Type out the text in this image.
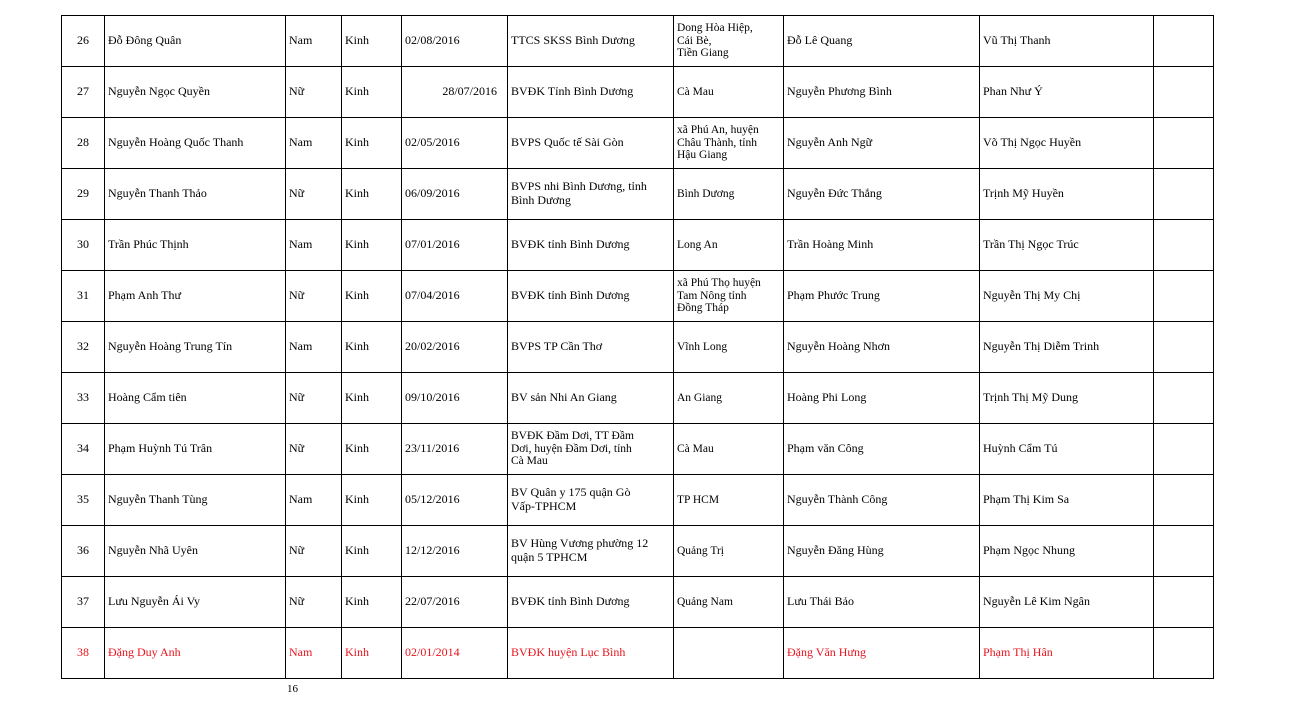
26	Đỗ Đông Quân	Nam	Kinh	02/08/2016	TTCS SKSS Bình Dương	Dong Hòa Hiệp,
Cái Bè,
Tiền Giang	Đỗ Lê Quang	Vũ Thị Thanh	
27	Nguyễn Ngọc Quyền	Nữ	Kinh	28/07/2016	BVĐK Tỉnh Bình Dương	Cà Mau	Nguyễn Phương Bình	Phan Như Ý	
28	Nguyễn Hoàng Quốc Thanh	Nam	Kinh	02/05/2016	BVPS Quốc tế Sài Gòn	xã Phú An, huyện
Châu Thành, tỉnh
Hậu Giang	Nguyễn Anh Ngữ	Võ Thị Ngọc Huyền	
29	Nguyễn Thanh Thảo	Nữ	Kinh	06/09/2016	BVPS nhi Bình Dương, tỉnh
Bình Dương	Bình Dương	Nguyễn Đức Thắng	Trịnh Mỹ Huyền	
30	Trần Phúc Thịnh	Nam	Kinh	07/01/2016	BVĐK tỉnh Bình Dương	Long An	Trần Hoàng Minh	Trần Thị Ngọc Trúc	
31	Phạm Anh Thư	Nữ	Kinh	07/04/2016	BVĐK tỉnh Bình Dương	xã Phú Thọ huyện
Tam Nông tỉnh
Đồng Tháp	Phạm Phước Trung	Nguyễn Thị My Chị	
32	Nguyễn Hoàng Trung Tín	Nam	Kinh	20/02/2016	BVPS TP Cần Thơ	Vĩnh Long	Nguyễn Hoàng Nhơn	Nguyễn Thị Diễm Trinh	
33	Hoàng Cẩm tiên	Nữ	Kinh	09/10/2016	BV sản Nhi An Giang	An Giang	Hoàng Phi Long	Trịnh Thị Mỹ Dung	
34	Phạm Huỳnh Tú Trân	Nữ	Kinh	23/11/2016	BVĐK Đầm Dơi, TT Đầm
Dơi, huyện Đầm Dơi, tỉnh
Cà Mau	Cà Mau	Phạm văn Công	Huỳnh Cẩm Tú	
35	Nguyễn Thanh Tùng	Nam	Kinh	05/12/2016	BV Quân y 175 quận Gò
Vấp-TPHCM	TP HCM	Nguyễn Thành Công	Phạm Thị Kim Sa	
36	Nguyễn Nhã Uyên	Nữ	Kinh	12/12/2016	BV Hùng Vương phường 12
quận 5 TPHCM	Quảng Trị	Nguyễn Đăng Hùng	Phạm Ngọc Nhung	
37	Lưu Nguyễn Ái Vy	Nữ	Kinh	22/07/2016	BVĐK tỉnh Bình Dương	Quảng Nam	Lưu Thái Bảo	Nguyễn Lê Kim Ngân	
38	Đặng Duy Anh	Nam	Kinh	02/01/2014	BVĐK huyện Lục Bình		Đặng Văn Hưng	Phạm Thị Hân	
16
